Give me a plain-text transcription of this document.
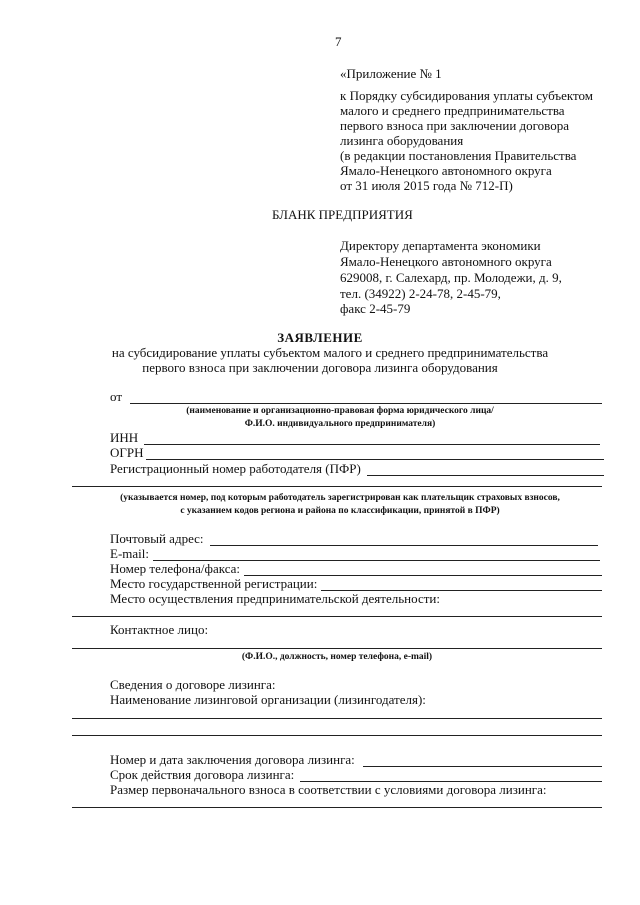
7
«Приложение № 1
к Порядку субсидирования уплаты субъектом
малого и среднего предпринимательства
первого взноса при заключении договора
лизинга оборудования
(в редакции постановления Правительства
Ямало-Ненецкого автономного округа
от 31 июля 2015 года № 712-П)
БЛАНК ПРЕДПРИЯТИЯ
Директору департамента экономики
Ямало-Ненецкого автономного округа
629008, г. Салехард, пр. Молодежи, д. 9,
тел. (34922) 2-24-78, 2-45-79,
факс 2-45-79
ЗАЯВЛЕНИЕ
на субсидирование уплаты субъектом малого и среднего предпринимательства
первого взноса при заключении договора лизинга оборудования
от
(наименование и организационно-правовая форма юридического лица/
Ф.И.О. индивидуального предпринимателя)
ИНН
ОГРН
Регистрационный номер работодателя (ПФР)
(указывается номер, под которым работодатель зарегистрирован как плательщик страховых взносов,
с указанием кодов региона и района по классификации, принятой в ПФР)
Почтовый адрес:
E-mail:
Номер телефона/факса:
Место государственной регистрации:
Место осуществления предпринимательской деятельности:
Контактное лицо:
(Ф.И.О., должность, номер телефона, e-mail)
Сведения о договоре лизинга:
Наименование лизинговой организации (лизингодателя):
Номер и дата заключения договора лизинга:
Срок действия договора лизинга:
Размер первоначального взноса в соответствии с условиями договора лизинга:
